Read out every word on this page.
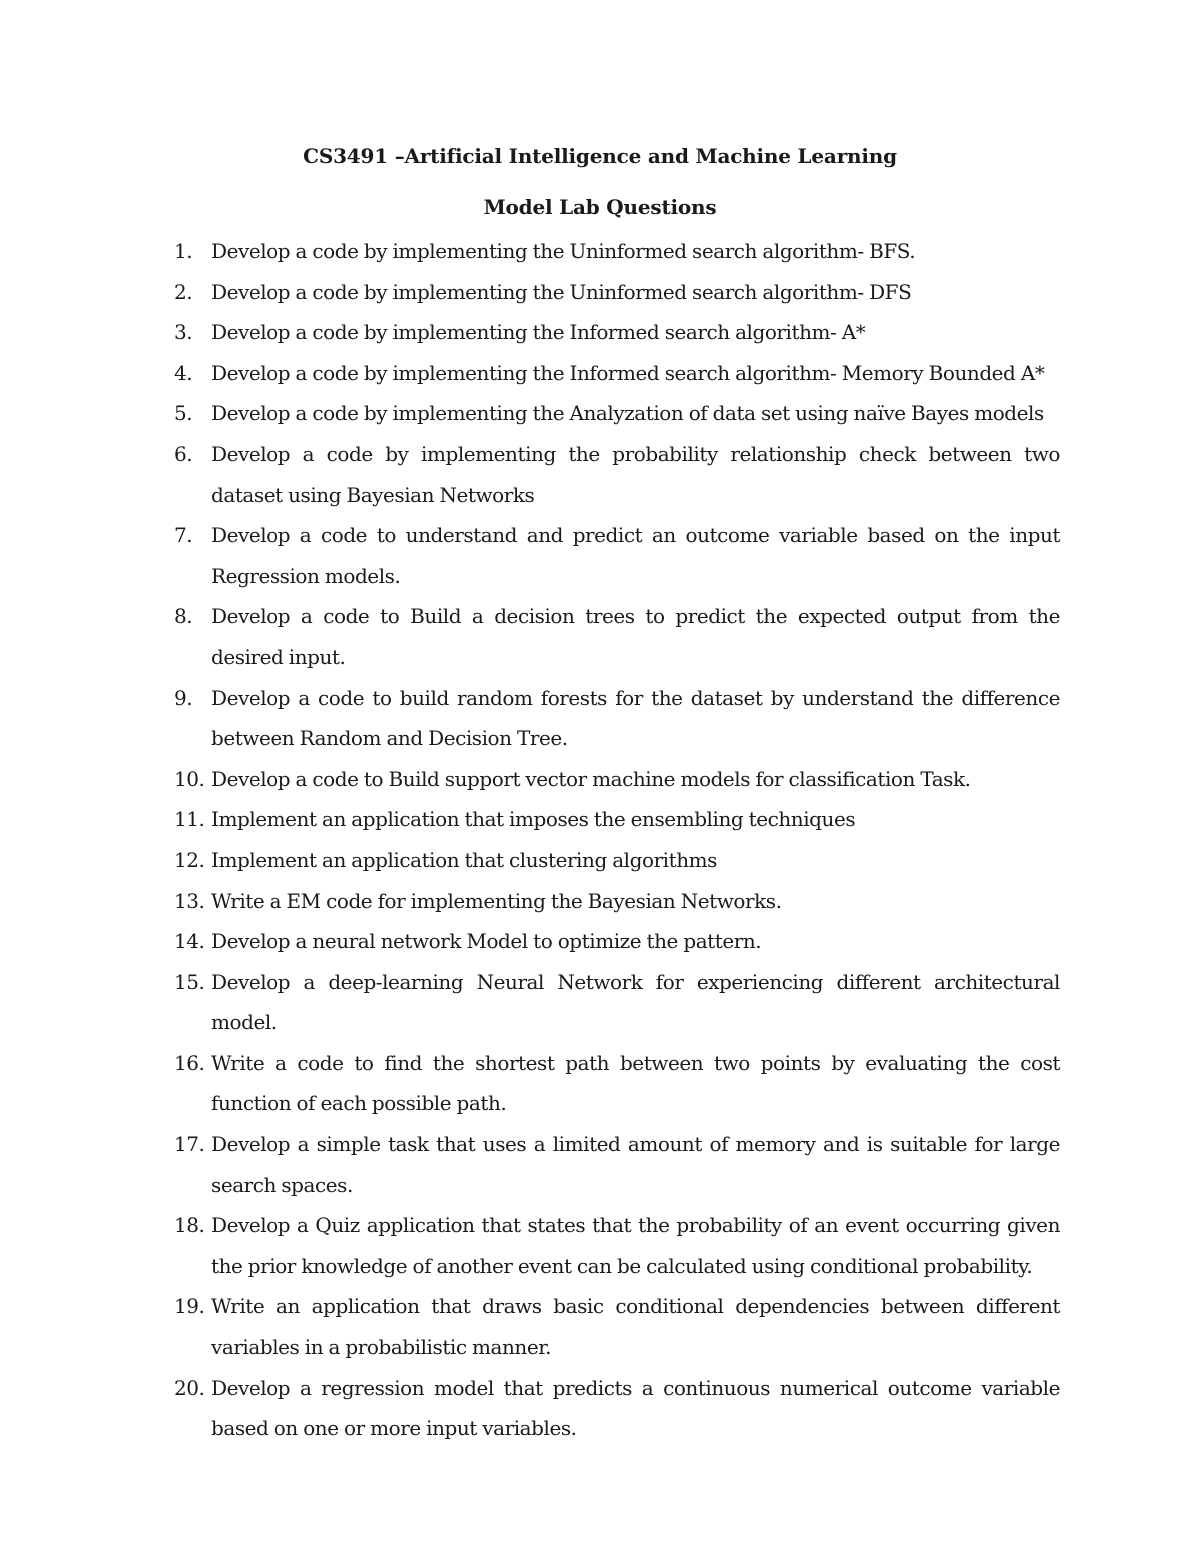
CS3491 –Artificial Intelligence and Machine Learning
Model Lab Questions
1. Develop a code by implementing the Uninformed search algorithm- BFS.
2. Develop a code by implementing the Uninformed search algorithm- DFS
3. Develop a code by implementing the Informed search algorithm- A*
4. Develop a code by implementing the Informed search algorithm- Memory Bounded A*
5. Develop a code by implementing the Analyzation of data set using naïve Bayes models
6. Develop a code by implementing the probability relationship check between two dataset using Bayesian Networks
7. Develop a code to understand and predict an outcome variable based on the input Regression models.
8. Develop a code to Build a decision trees to predict the expected output from the desired input.
9. Develop a code to build random forests for the dataset by understand the difference between Random and Decision Tree.
10. Develop a code to Build support vector machine models for classification Task.
11. Implement an application that imposes the ensembling techniques
12. Implement an application that clustering algorithms
13. Write a EM code for implementing the Bayesian Networks.
14. Develop a neural network Model to optimize the pattern.
15. Develop a deep-learning Neural Network for experiencing different architectural model.
16. Write a code to find the shortest path between two points by evaluating the cost function of each possible path.
17. Develop a simple task that uses a limited amount of memory and is suitable for large search spaces.
18. Develop a Quiz application that states that the probability of an event occurring given the prior knowledge of another event can be calculated using conditional probability.
19. Write an application that draws basic conditional dependencies between different variables in a probabilistic manner.
20. Develop a regression model that predicts a continuous numerical outcome variable based on one or more input variables.
